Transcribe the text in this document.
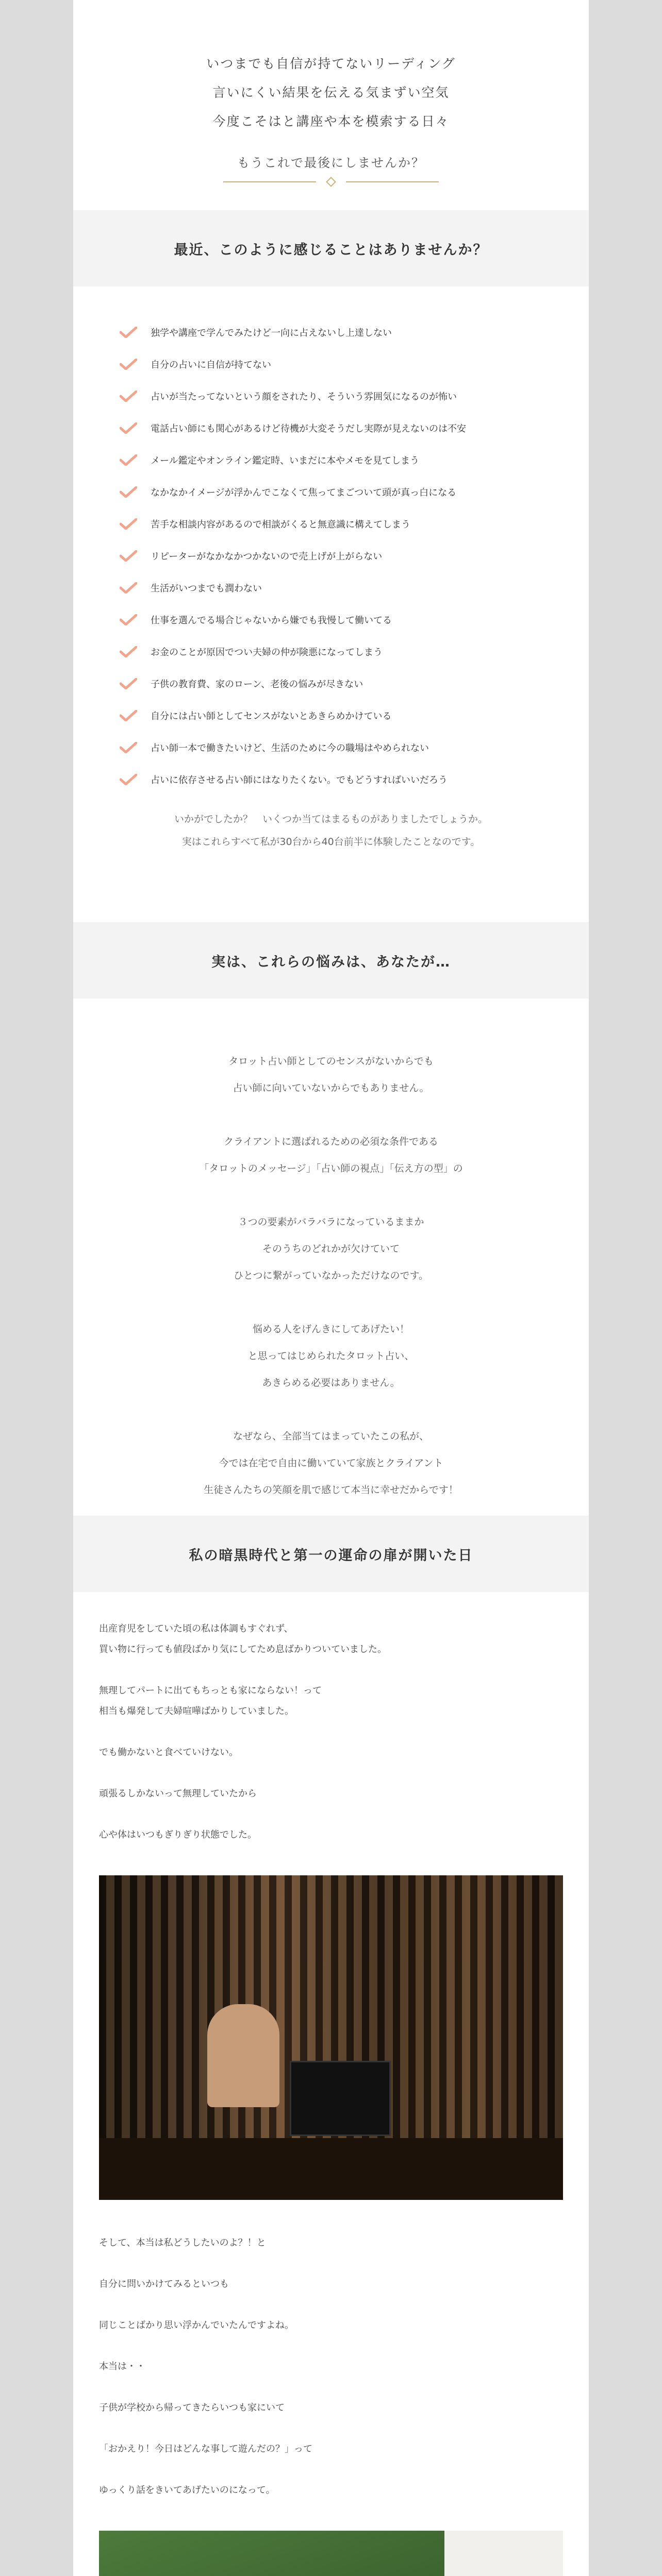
いつまでも自信が持てないリーディング

言いにくい結果を伝える気まずい空気

今度こそはと講座や本を模索する日々

もうこれで最後にしませんか？

最近、このように感じることはありませんか？
独学や講座で学んでみたけど一向に占えないし上達しない
自分の占いに自信が持てない
占いが当たってないという顔をされたり、そういう雰囲気になるのが怖い
電話占い師にも関心があるけど待機が大変そうだし実際が見えないのは不安
メール鑑定やオンライン鑑定時、いまだに本やメモを見てしまう
なかなかイメージが浮かんでこなくて焦ってまごついて頭が真っ白になる
苦手な相談内容があるので相談がくると無意識に構えてしまう
リピーターがなかなかつかないので売上げが上がらない
生活がいつまでも潤わない
仕事を選んでる場合じゃないから嫌でも我慢して働いてる
お金のことが原因でつい夫婦の仲が険悪になってしまう
子供の教育費、家のローン、老後の悩みが尽きない
自分には占い師としてセンスがないとあきらめかけている
占い師一本で働きたいけど、生活のために今の職場はやめられない
占いに依存させる占い師にはなりたくない。でもどうすればいいだろう

いかがでしたか？　いくつか当てはまるものがありましたでしょうか。

実はこれらすべて私が30台から40台前半に体験したことなのです。

実は、これらの悩みは、あなたが…

タロット占い師としてのセンスがないからでも

占い師に向いていないからでもありません。

クライアントに選ばれるための必須な条件である

「タロットのメッセージ」「占い師の視点」「伝え方の型」の

３つの要素がバラバラになっているままか

そのうちのどれかが欠けていて

ひとつに繋がっていなかっただけなのです。

悩める人をげんきにしてあげたい！

と思ってはじめられたタロット占い、

あきらめる必要はありません。

なぜなら、全部当てはまっていたこの私が、

今では在宅で自由に働いていて家族とクライアント

生徒さんたちの笑顔を肌で感じて本当に幸せだからです！

私の暗黒時代と第一の運命の扉が開いた日

出産育児をしていた頃の私は体調もすぐれず、

買い物に行っても値段ばかり気にしてため息ばかりついていました。

無理してパートに出てもちっとも家にならない！って

相当も爆発して夫婦喧嘩ばかりしていました。

でも働かないと食べていけない。

頑張るしかないって無理していたから

心や体はいつもぎりぎり状態でした。

そして、本当は私どうしたいのよ？！と

自分に問いかけてみるといつも

同じことばかり思い浮かんでいたんですよね。

本当は・・

子供が学校から帰ってきたらいつも家にいて

「おかえり！今日はどんな事して遊んだの？」って

ゆっくり話をきいてあげたいのになって。
